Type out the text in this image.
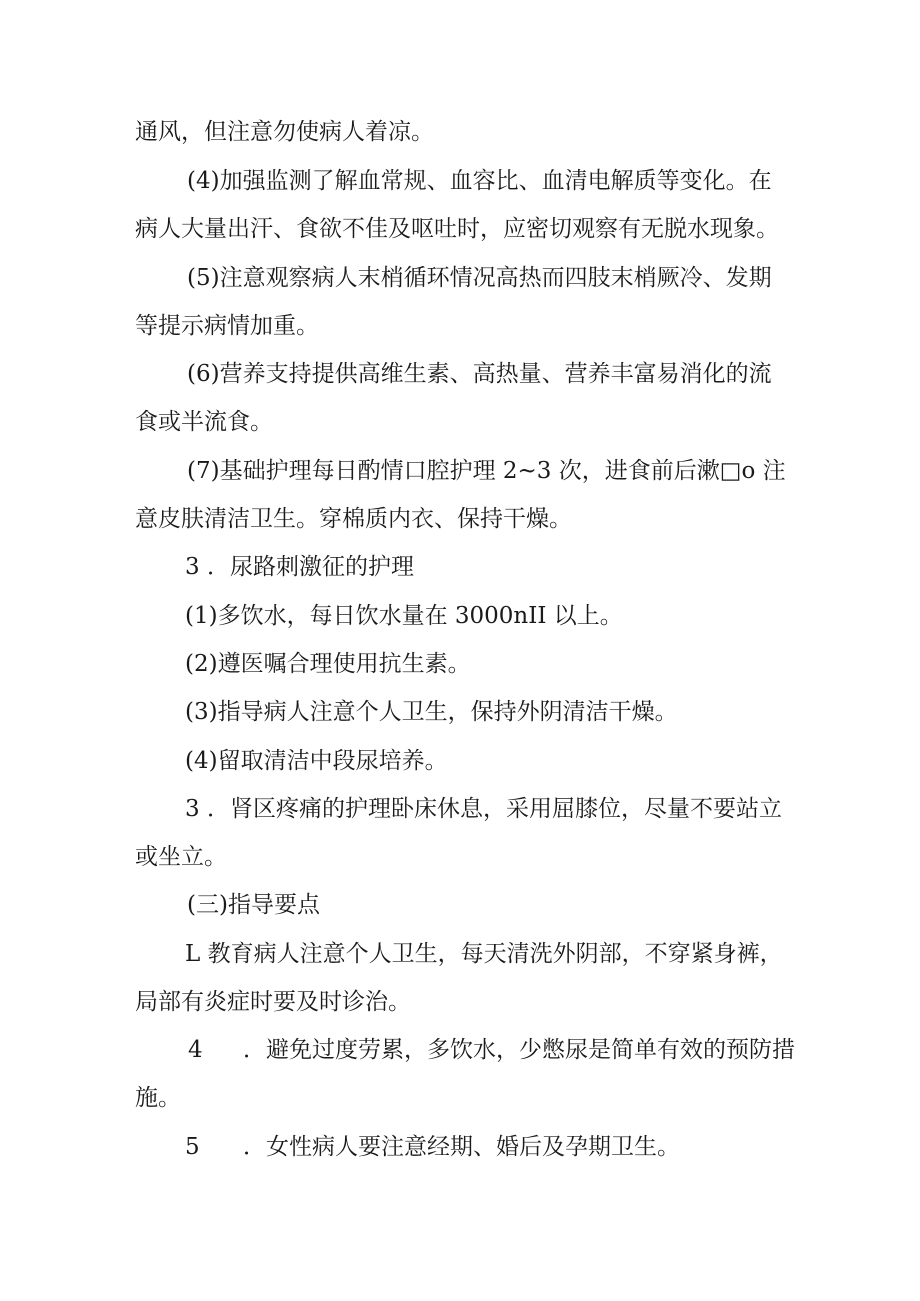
通风，但注意勿使病人着凉。
(4)加强监测了解血常规、血容比、血清电解质等变化。在
病人大量出汗、食欲不佳及呕吐时，应密切观察有无脱水现象。
(5)注意观察病人末梢循环情况高热而四肢末梢厥冷、发期
等提示病情加重。
(6)营养支持提供高维生素、高热量、营养丰富易消化的流
食或半流食。
(7)基础护理每日酌情口腔护理 2~3 次，进食前后漱□o 注
意皮肤清洁卫生。穿棉质内衣、保持干燥。
3 ．尿路刺激征的护理
(1)多饮水，每日饮水量在 3000nII 以上。
(2)遵医嘱合理使用抗生素。
(3)指导病人注意个人卫生，保持外阴清洁干燥。
(4)留取清洁中段尿培养。
3 ．肾区疼痛的护理卧床休息，采用屈膝位，尽量不要站立
或坐立。
(三)指导要点
L 教育病人注意个人卫生，每天清洗外阴部，不穿紧身裤，
局部有炎症时要及时诊治。
4 ．避免过度劳累，多饮水，少憋尿是简单有效的预防措
施。
5 ．女性病人要注意经期、婚后及孕期卫生。
